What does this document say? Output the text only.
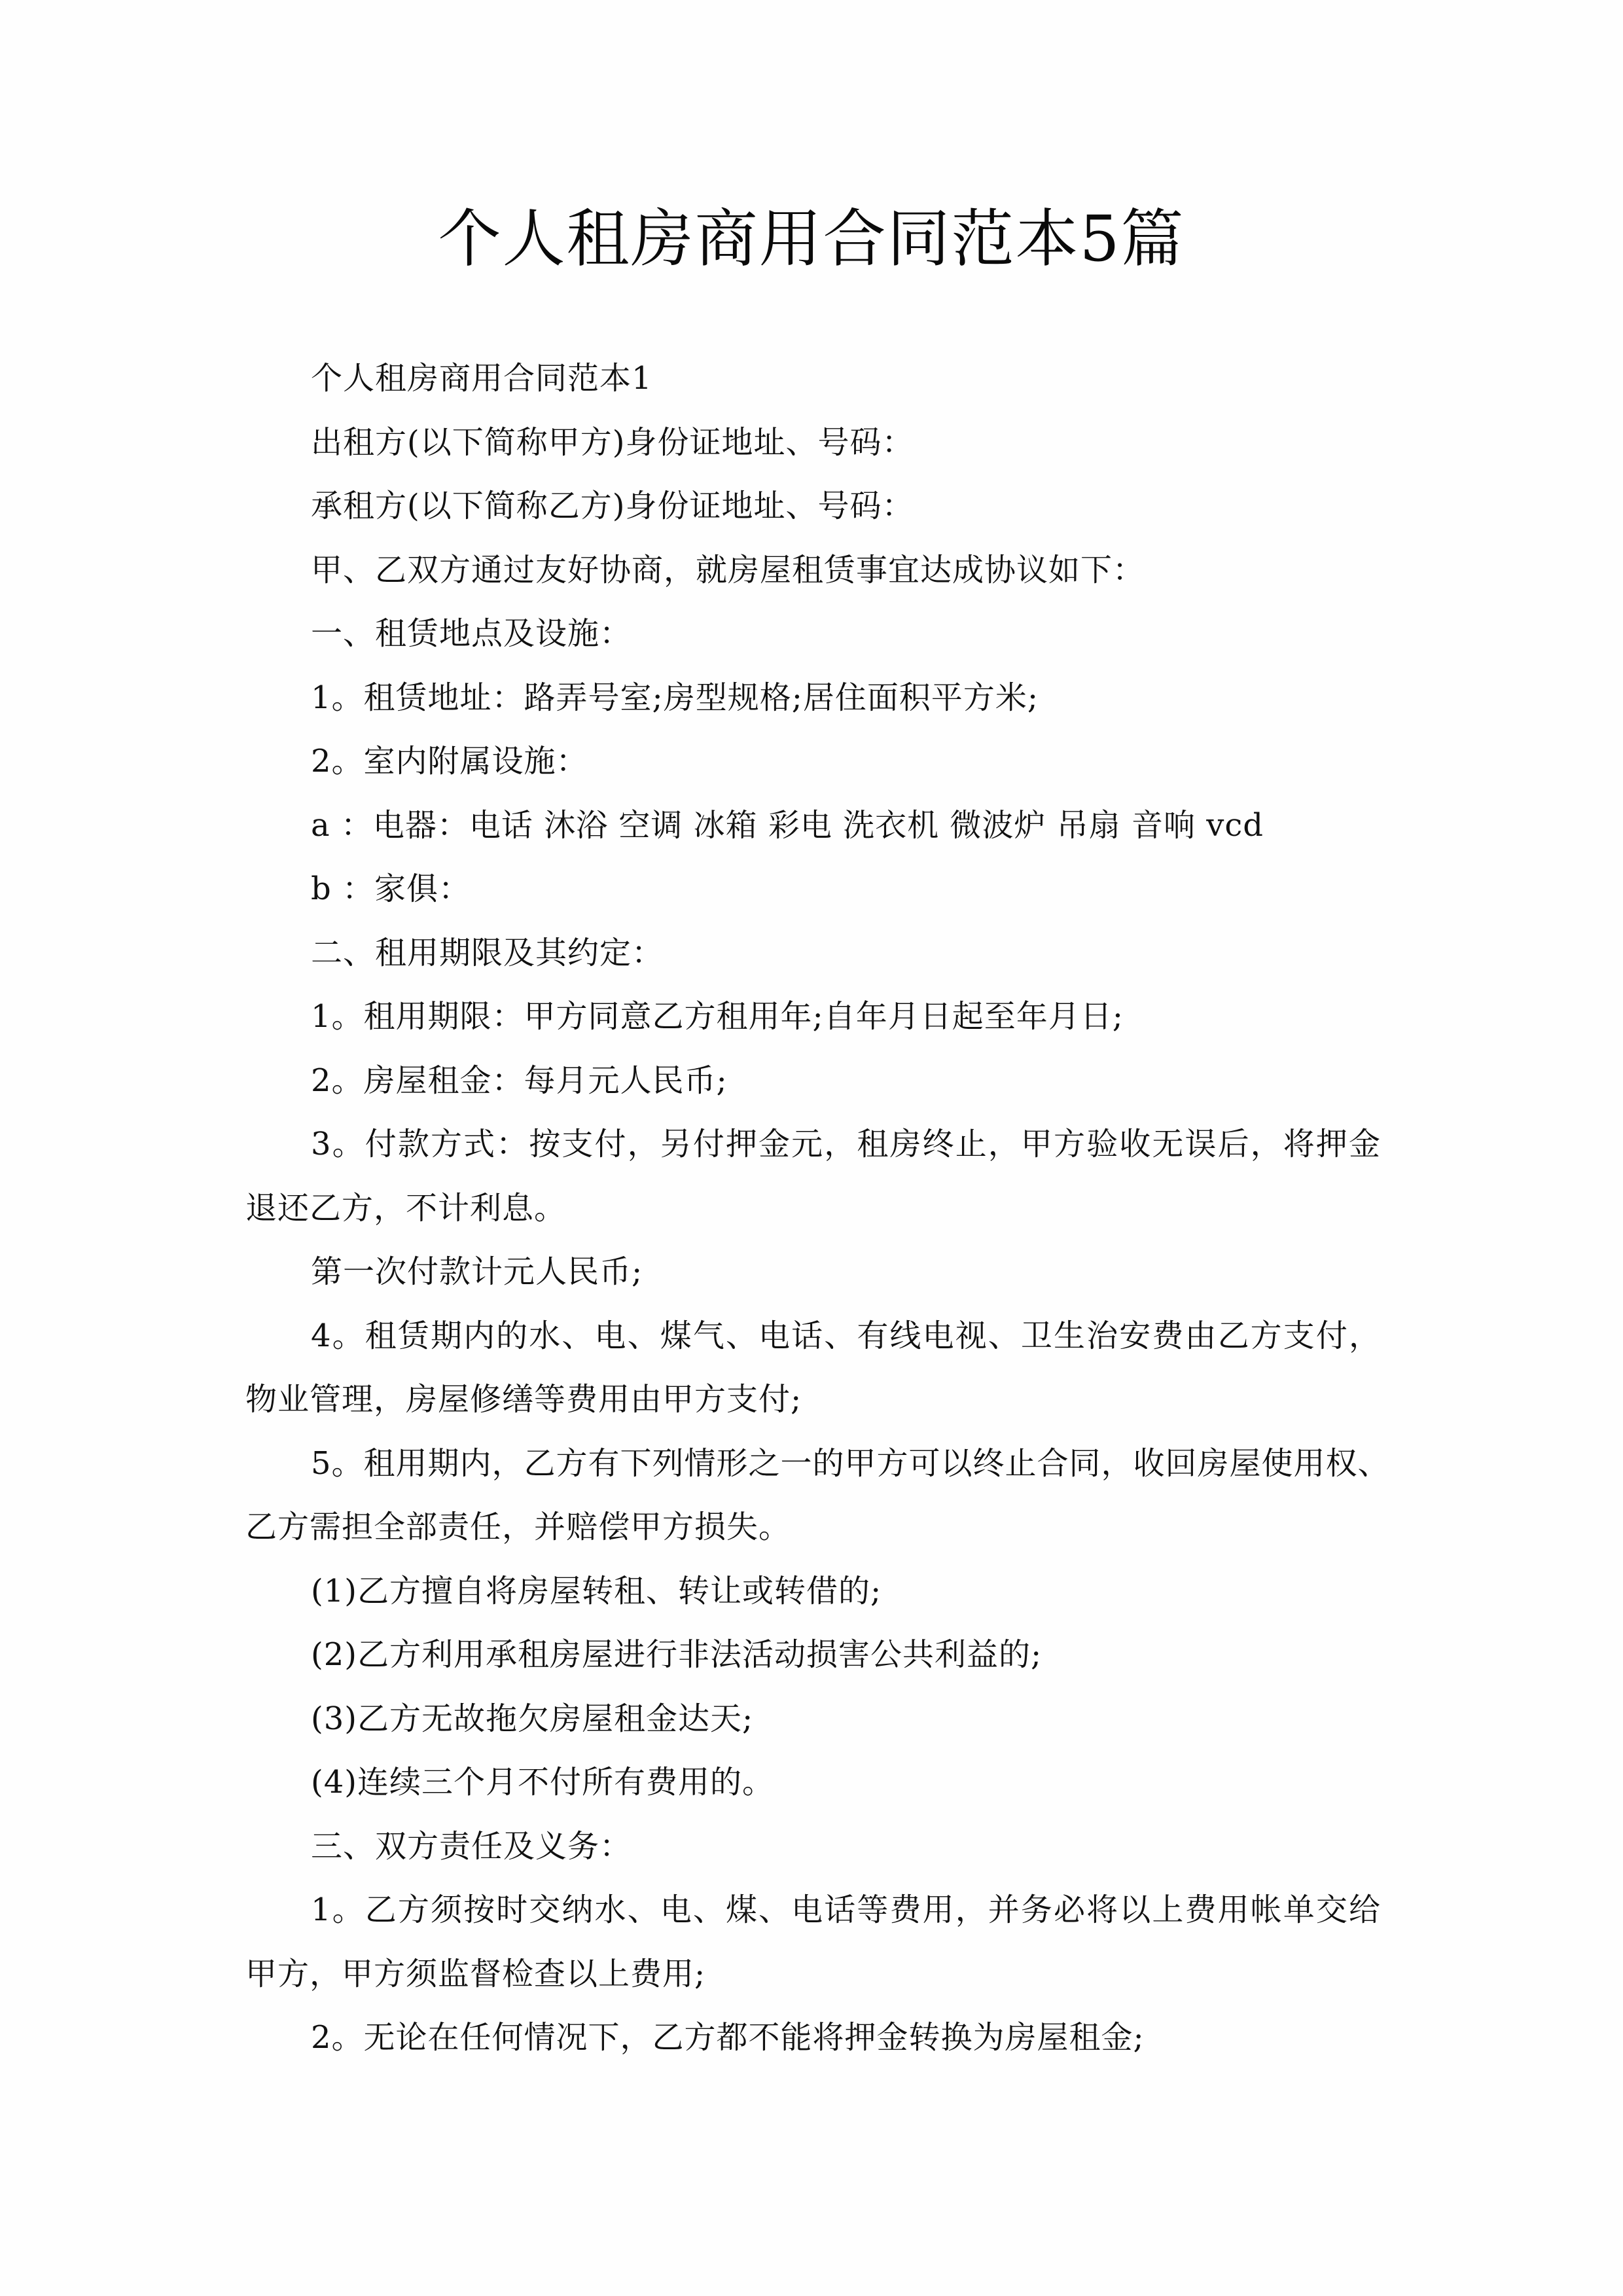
个人租房商用合同范本5篇

个人租房商用合同范本1

出租方(以下简称甲方)身份证地址、号码：

承租方(以下简称乙方)身份证地址、号码：

甲、乙双方通过友好协商，就房屋租赁事宜达成协议如下：

一、租赁地点及设施：

1。租赁地址：路弄号室;房型规格;居住面积平方米;

2。室内附属设施：

a ：电器：电话 沐浴 空调 冰箱 彩电 洗衣机 微波炉 吊扇 音响 vcd

b ：家俱：

二、租用期限及其约定：

1。租用期限：甲方同意乙方租用年;自年月日起至年月日;

2。房屋租金：每月元人民币;

3。付款方式：按支付，另付押金元，租房终止，甲方验收无误后，将押金

退还乙方，不计利息。

第一次付款计元人民币;

4。租赁期内的水、电、煤气、电话、有线电视、卫生治安费由乙方支付，

物业管理，房屋修缮等费用由甲方支付;

5。租用期内，乙方有下列情形之一的甲方可以终止合同，收回房屋使用权、

乙方需担全部责任，并赔偿甲方损失。

(1)乙方擅自将房屋转租、转让或转借的;

(2)乙方利用承租房屋进行非法活动损害公共利益的;

(3)乙方无故拖欠房屋租金达天;

(4)连续三个月不付所有费用的。

三、双方责任及义务：

1。乙方须按时交纳水、电、煤、电话等费用，并务必将以上费用帐单交给

甲方，甲方须监督检查以上费用;

2。无论在任何情况下，乙方都不能将押金转换为房屋租金;
